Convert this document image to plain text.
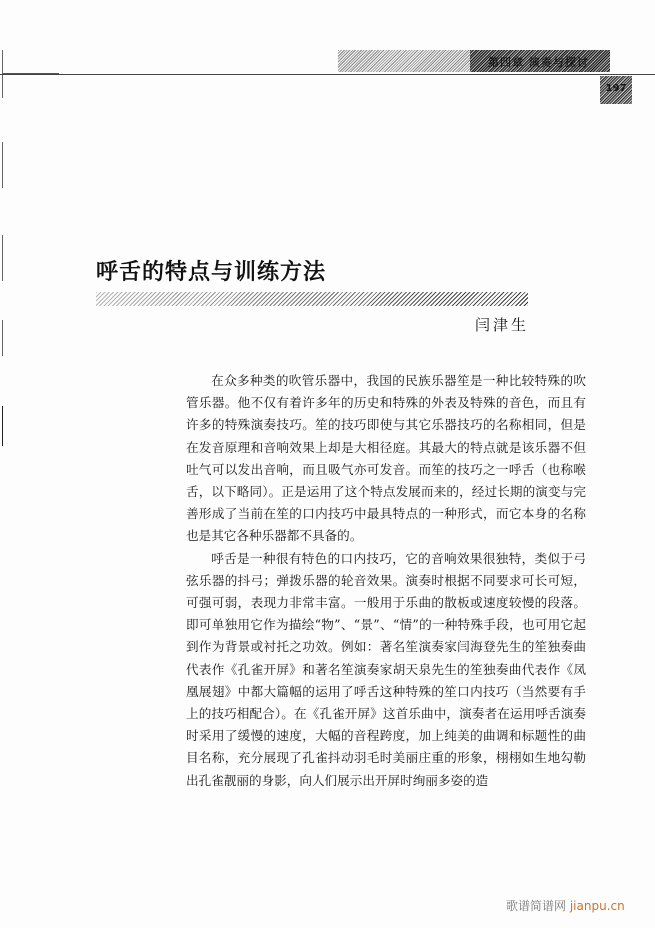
第四章 演奏与探讨
197
呼舌的特点与训练方法
闫津生

在众多种类的吹管乐器中，我国的民族乐器笙是一种比较特殊的吹管乐器。他不仅有着许多年的历史和特殊的外表及特殊的音色，而且有许多的特殊演奏技巧。笙的技巧即使与其它乐器技巧的名称相同，但是在发音原理和音响效果上却是大相径庭。其最大的特点就是该乐器不但吐气可以发出音响，而且吸气亦可发音。而笙的技巧之一呼舌（也称喉舌，以下略同）。正是运用了这个特点发展而来的，经过长期的演变与完善形成了当前在笙的口内技巧中最具特点的一种形式，而它本身的名称也是其它各种乐器都不具备的。

呼舌是一种很有特色的口内技巧，它的音响效果很独特，类似于弓弦乐器的抖弓；弹拨乐器的轮音效果。演奏时根据不同要求可长可短，可强可弱，表现力非常丰富。一般用于乐曲的散板或速度较慢的段落。即可单独用它作为描绘“物”、“景”、“情”的一种特殊手段，也可用它起到作为背景或衬托之功效。例如：著名笙演奏家闫海登先生的笙独奏曲代表作《孔雀开屏》和著名笙演奏家胡天泉先生的笙独奏曲代表作《凤凰展翅》中都大篇幅的运用了呼舌这种特殊的笙口内技巧（当然要有手上的技巧相配合）。在《孔雀开屏》这首乐曲中，演奏者在运用呼舌演奏时采用了缓慢的速度，大幅的音程跨度，加上纯美的曲调和标题性的曲目名称，充分展现了孔雀抖动羽毛时美丽庄重的形象，栩栩如生地勾勒出孔雀靓丽的身影，向人们展示出开屏时绚丽多姿的造

歌谱简谱网 jianpu.cn
